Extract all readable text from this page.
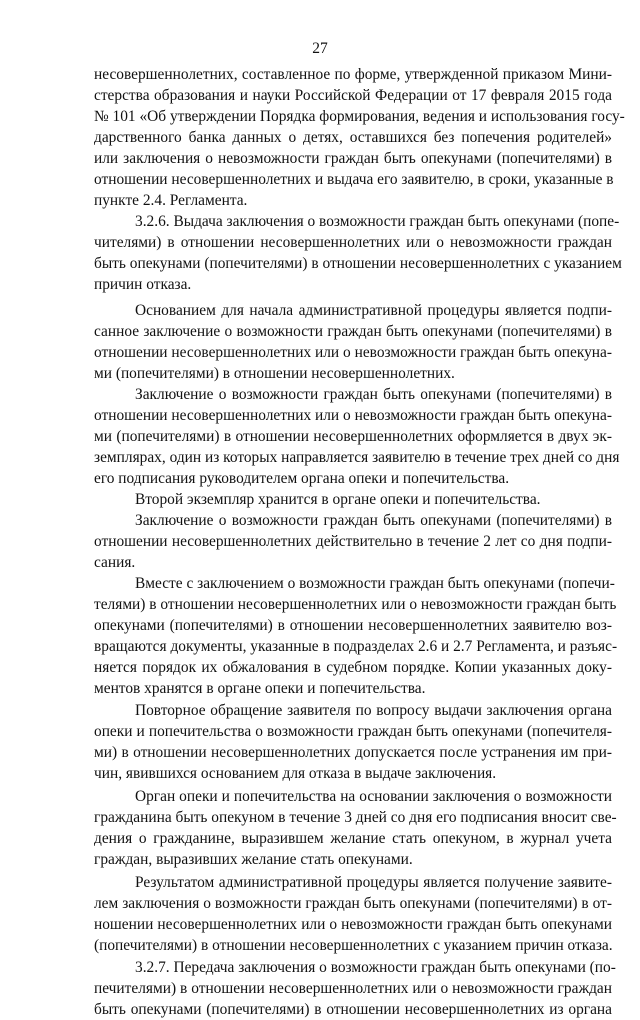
27
несовершеннолетних, составленное по форме, утвержденной приказом Мини-
стерства образования и науки Российской Федерации от 17 февраля 2015 года
№ 101 «Об утверждении Порядка формирования, ведения и использования госу-
дарственного банка данных о детях, оставшихся без попечения родителей»
или заключения о невозможности граждан быть опекунами (попечителями) в
отношении несовершеннолетних и выдача его заявителю, в сроки, указанные в
пункте 2.4. Регламента.
3.2.6. Выдача заключения о возможности граждан быть опекунами (попе-
чителями) в отношении несовершеннолетних или о невозможности граждан
быть опекунами (попечителями) в отношении несовершеннолетних с указанием
причин отказа.
Основанием для начала административной процедуры является подпи-
санное заключение о возможности граждан быть опекунами (попечителями) в
отношении несовершеннолетних или о невозможности граждан быть опекуна-
ми (попечителями) в отношении несовершеннолетних.
Заключение о возможности граждан быть опекунами (попечителями) в
отношении несовершеннолетних или о невозможности граждан быть опекуна-
ми (попечителями) в отношении несовершеннолетних оформляется в двух эк-
земплярах, один из которых направляется заявителю в течение трех дней со дня
его подписания руководителем органа опеки и попечительства.
Второй экземпляр хранится в органе опеки и попечительства.
Заключение о возможности граждан быть опекунами (попечителями) в
отношении несовершеннолетних действительно в течение 2 лет со дня подпи-
сания.
Вместе с заключением о возможности граждан быть опекунами (попечи-
телями) в отношении несовершеннолетних или о невозможности граждан быть
опекунами (попечителями) в отношении несовершеннолетних заявителю воз-
вращаются документы, указанные в подразделах 2.6 и 2.7 Регламента, и разъяс-
няется порядок их обжалования в судебном порядке. Копии указанных доку-
ментов хранятся в органе опеки и попечительства.
Повторное обращение заявителя по вопросу выдачи заключения органа
опеки и попечительства о возможности граждан быть опекунами (попечителя-
ми) в отношении несовершеннолетних допускается после устранения им при-
чин, явившихся основанием для отказа в выдаче заключения.
Орган опеки и попечительства на основании заключения о возможности
гражданина быть опекуном в течение 3 дней со дня его подписания вносит све-
дения о гражданине, выразившем желание стать опекуном, в журнал учета
граждан, выразивших желание стать опекунами.
Результатом административной процедуры является получение заявите-
лем заключения о возможности граждан быть опекунами (попечителями) в от-
ношении несовершеннолетних или о невозможности граждан быть опекунами
(попечителями) в отношении несовершеннолетних с указанием причин отказа.
3.2.7. Передача заключения о возможности граждан быть опекунами (по-
печителями) в отношении несовершеннолетних или о невозможности граждан
быть опекунами (попечителями) в отношении несовершеннолетних из органа
